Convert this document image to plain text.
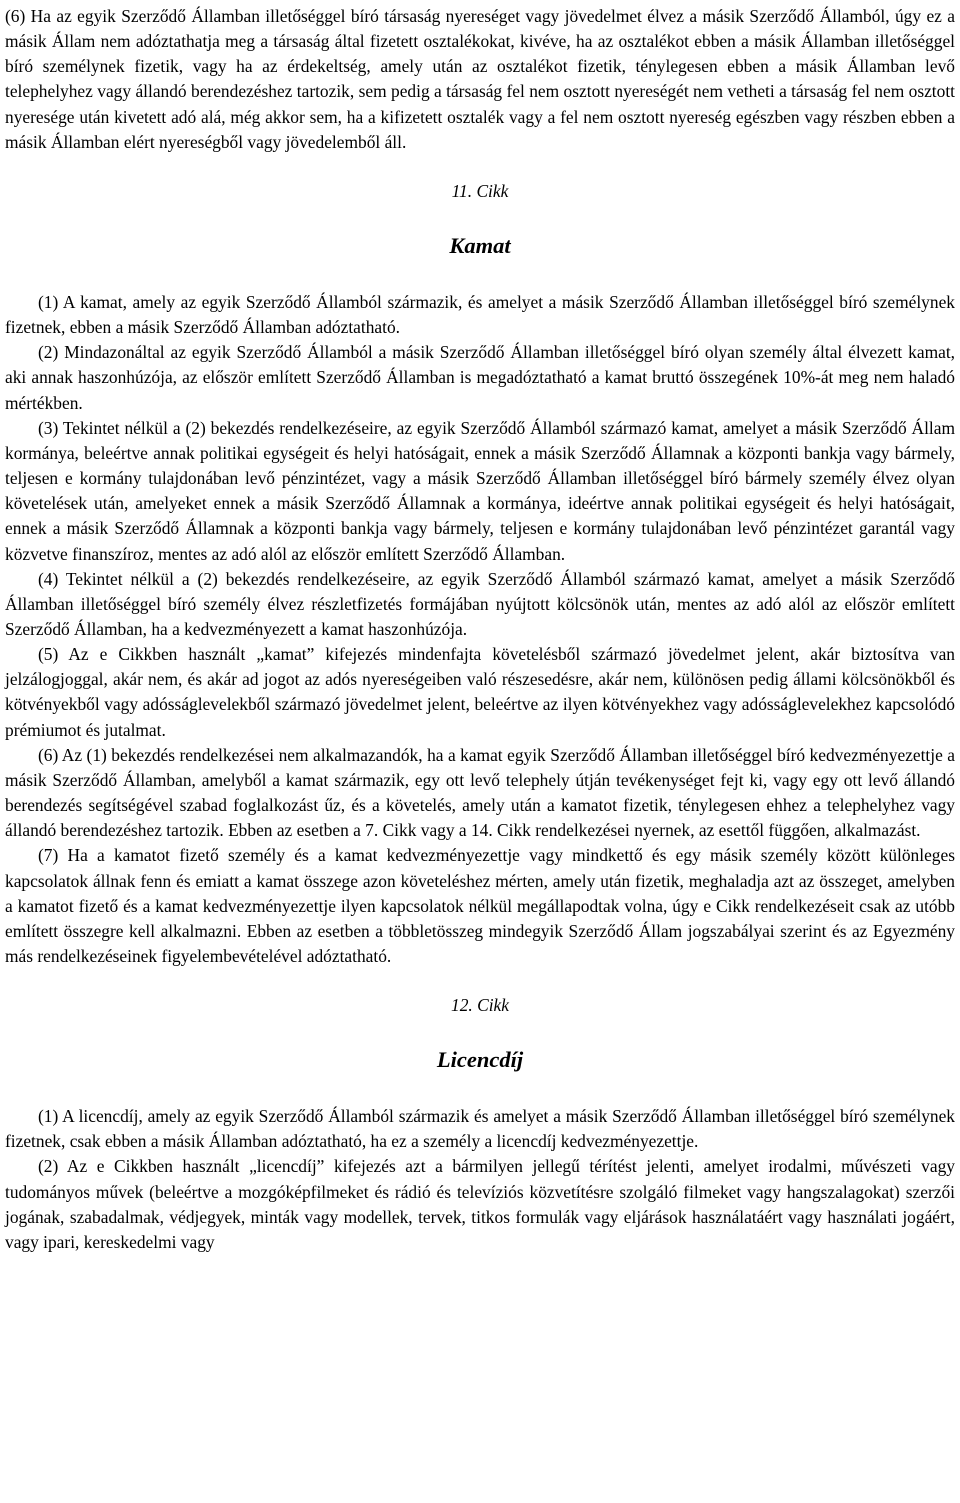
(6) Ha az egyik Szerződő Államban illetőséggel bíró társaság nyereséget vagy jövedelmet élvez a másik Szerződő Államból, úgy ez a másik Állam nem adóztathatja meg a társaság által fizetett osztalékokat, kivéve, ha az osztalékot ebben a másik Államban illetőséggel bíró személynek fizetik, vagy ha az érdekeltség, amely után az osztalékot fizetik, ténylegesen ebben a másik Államban levő telephelyhez vagy állandó berendezéshez tartozik, sem pedig a társaság fel nem osztott nyereségét nem vetheti a társaság fel nem osztott nyeresége után kivetett adó alá, még akkor sem, ha a kifizetett osztalék vagy a fel nem osztott nyereség egészben vagy részben ebben a másik Államban elért nyereségből vagy jövedelemből áll.

11. Cikk

Kamat

(1) A kamat, amely az egyik Szerződő Államból származik, és amelyet a másik Szerződő Államban illetőséggel bíró személynek fizetnek, ebben a másik Szerződő Államban adóztatható.

(2) Mindazonáltal az egyik Szerződő Államból a másik Szerződő Államban illetőséggel bíró olyan személy által élvezett kamat, aki annak haszonhúzója, az először említett Szerződő Államban is megadóztatható a kamat bruttó összegének 10%-át meg nem haladó mértékben.

(3) Tekintet nélkül a (2) bekezdés rendelkezéseire, az egyik Szerződő Államból származó kamat, amelyet a másik Szerződő Állam kormánya, beleértve annak politikai egységeit és helyi hatóságait, ennek a másik Szerződő Államnak a központi bankja vagy bármely, teljesen e kormány tulajdonában levő pénzintézet, vagy a másik Szerződő Államban illetőséggel bíró bármely személy élvez olyan követelések után, amelyeket ennek a másik Szerződő Államnak a kormánya, ideértve annak politikai egységeit és helyi hatóságait, ennek a másik Szerződő Államnak a központi bankja vagy bármely, teljesen e kormány tulajdonában levő pénzintézet garantál vagy közvetve finanszíroz, mentes az adó alól az először említett Szerződő Államban.

(4) Tekintet nélkül a (2) bekezdés rendelkezéseire, az egyik Szerződő Államból származó kamat, amelyet a másik Szerződő Államban illetőséggel bíró személy élvez részletfizetés formájában nyújtott kölcsönök után, mentes az adó alól az először említett Szerződő Államban, ha a kedvezményezett a kamat haszonhúzója.

(5) Az e Cikkben használt „kamat” kifejezés mindenfajta követelésből származó jövedelmet jelent, akár biztosítva van jelzálogjoggal, akár nem, és akár ad jogot az adós nyereségeiben való részesedésre, akár nem, különösen pedig állami kölcsönökből és kötvényekből vagy adósságlevelekből származó jövedelmet jelent, beleértve az ilyen kötvényekhez vagy adósságlevelekhez kapcsolódó prémiumot és jutalmat.

(6) Az (1) bekezdés rendelkezései nem alkalmazandók, ha a kamat egyik Szerződő Államban illetőséggel bíró kedvezményezettje a másik Szerződő Államban, amelyből a kamat származik, egy ott levő telephely útján tevékenységet fejt ki, vagy egy ott levő állandó berendezés segítségével szabad foglalkozást űz, és a követelés, amely után a kamatot fizetik, ténylegesen ehhez a telephelyhez vagy állandó berendezéshez tartozik. Ebben az esetben a 7. Cikk vagy a 14. Cikk rendelkezései nyernek, az esettől függően, alkalmazást.

(7) Ha a kamatot fizető személy és a kamat kedvezményezettje vagy mindkettő és egy másik személy között különleges kapcsolatok állnak fenn és emiatt a kamat összege azon követeléshez mérten, amely után fizetik, meghaladja azt az összeget, amelyben a kamatot fizető és a kamat kedvezményezettje ilyen kapcsolatok nélkül megállapodtak volna, úgy e Cikk rendelkezéseit csak az utóbb említett összegre kell alkalmazni. Ebben az esetben a többletösszeg mindegyik Szerződő Állam jogszabályai szerint és az Egyezmény más rendelkezéseinek figyelembevételével adóztatható.

12. Cikk

Licencdíj

(1) A licencdíj, amely az egyik Szerződő Államból származik és amelyet a másik Szerződő Államban illetőséggel bíró személynek fizetnek, csak ebben a másik Államban adóztatható, ha ez a személy a licencdíj kedvezményezettje.

(2) Az e Cikkben használt „licencdíj” kifejezés azt a bármilyen jellegű térítést jelenti, amelyet irodalmi, művészeti vagy tudományos művek (beleértve a mozgóképfilmeket és rádió és televíziós közvetítésre szolgáló filmeket vagy hangszalagokat) szerzői jogának, szabadalmak, védjegyek, minták vagy modellek, tervek, titkos formulák vagy eljárások használatáért vagy használati jogáért, vagy ipari, kereskedelmi vagy
